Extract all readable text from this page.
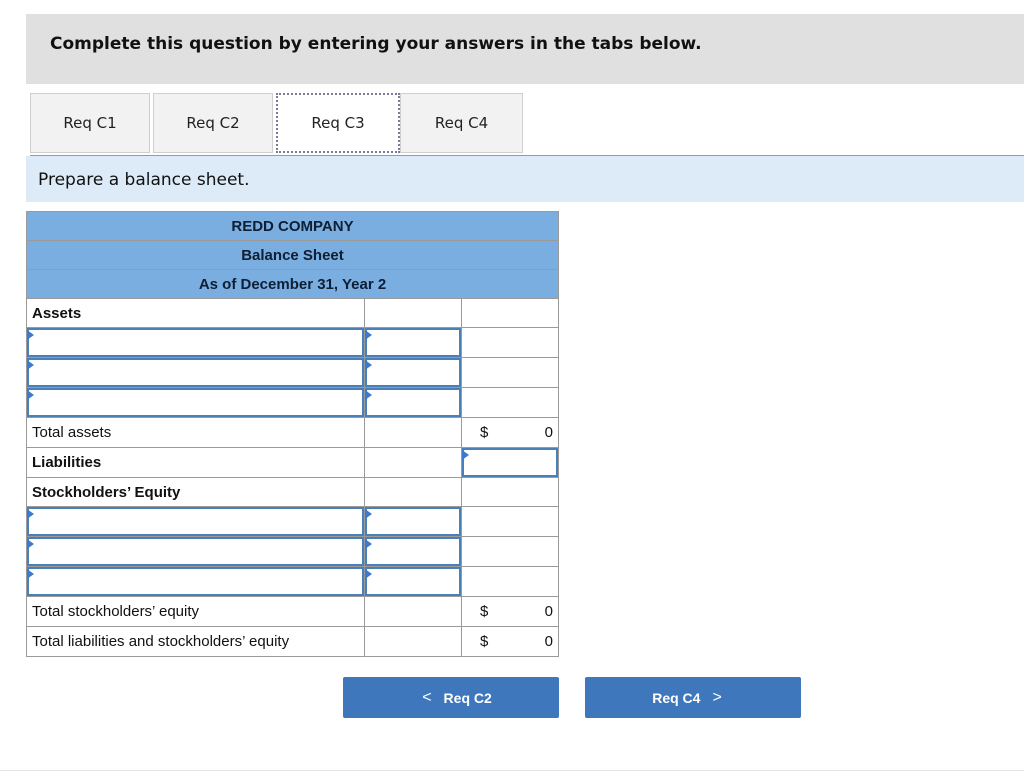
Complete this question by entering your answers in the tabs below.
Req C1	Req C2	Req C3	Req C4
Prepare a balance sheet.
REDD COMPANY		
Balance Sheet		
As of December 31, Year 2		
Assets		

Total assets		$ 0

Liabilities		

Stockholders’ Equity		

Total stockholders’ equity		$ 0

Total liabilities and stockholders’ equity		$ 0
< Req C2	Req C4 >
